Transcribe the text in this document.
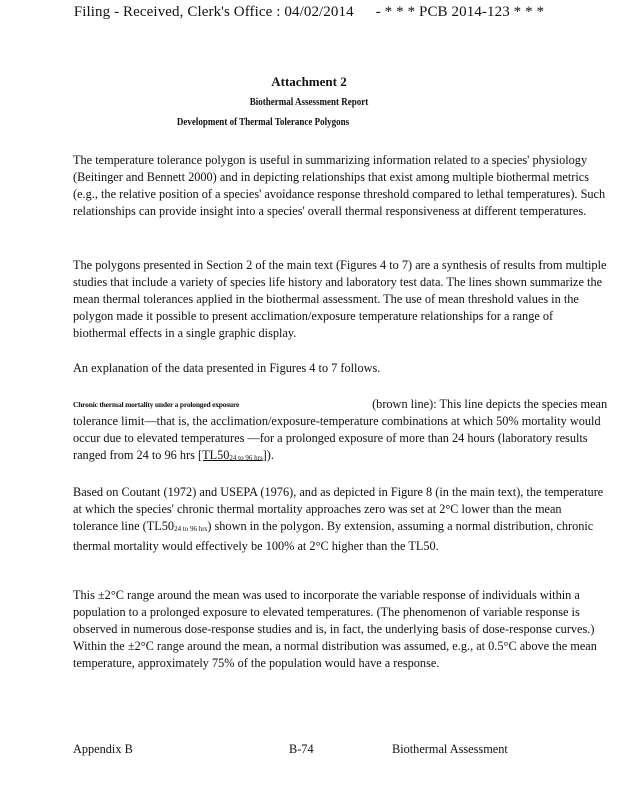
Filing - Received, Clerk's Office : 04/02/2014 - * * * PCB 2014-123 * * *
Attachment 2
Biothermal Assessment Report
Development of Thermal Tolerance Polygons

The temperature tolerance polygon is useful in summarizing information related to a species' physiology (Beitinger and Bennett 2000) and in depicting relationships that exist among multiple biothermal metrics (e.g., the relative position of a species' avoidance response threshold compared to lethal temperatures). Such relationships can provide insight into a species' overall thermal responsiveness at different temperatures.

The polygons presented in Section 2 of the main text (Figures 4 to 7) are a synthesis of results from multiple studies that include a variety of species life history and laboratory test data. The lines shown summarize the mean thermal tolerances applied in the biothermal assessment. The use of mean threshold values in the polygon made it possible to present acclimation/exposure temperature relationships for a range of biothermal effects in a single graphic display.

An explanation of the data presented in Figures 4 to 7 follows.

Chronic thermal mortality under a prolonged exposure	(brown line): This line depicts the species mean tolerance limit—that is, the acclimation/exposure-temperature combinations at which 50% mortality would occur due to elevated temperatures —for a prolonged exposure of more than 24 hours (laboratory results ranged from 24 to 96 hrs [TL5024 to 96 hrs]).

Based on Coutant (1972) and USEPA (1976), and as depicted in Figure 8 (in the main text), the temperature at which the species' chronic thermal mortality approaches zero was set at 2°C lower than the mean tolerance line (TL5024 to 96 hrs) shown in the polygon. By extension, assuming a normal distribution, chronic thermal mortality would effectively be 100% at 2°C higher than the TL50.

This ±2°C range around the mean was used to incorporate the variable response of individuals within a population to a prolonged exposure to elevated temperatures. (The phenomenon of variable response is observed in numerous dose-response studies and is, in fact, the underlying basis of dose-response curves.) Within the ±2°C range around the mean, a normal distribution was assumed, e.g., at 0.5°C above the mean temperature, approximately 75% of the population would have a response.

Appendix B	B-74	Biothermal Assessment
